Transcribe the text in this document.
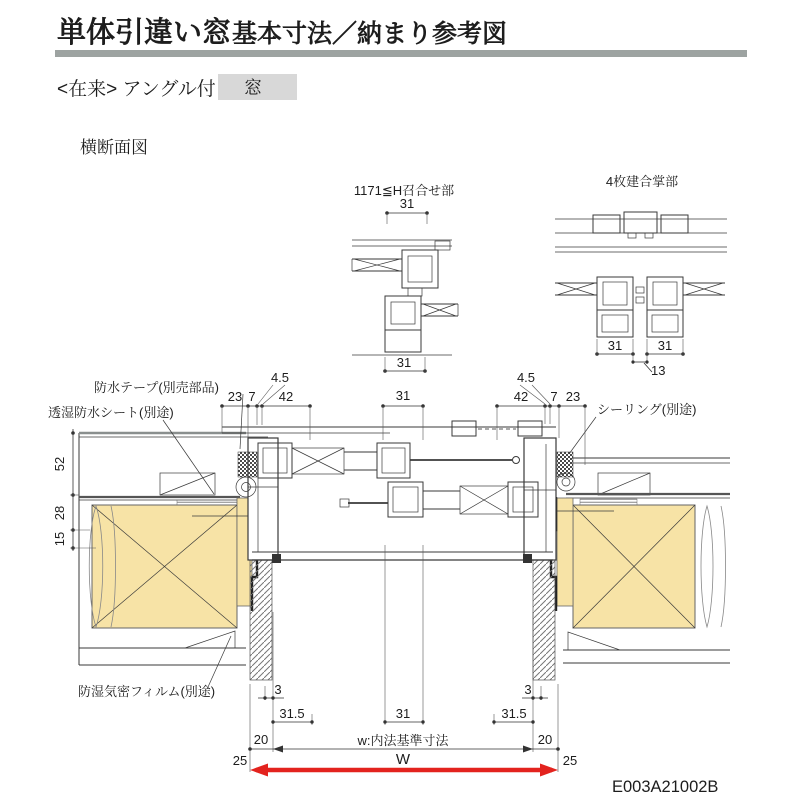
単体引違い窓 基本寸法／納まり参考図
<在来> アングル付 窓
横断面図
1171≦H召合せ部
31
31
4枚建合掌部
31	31
13
防水テープ(別売部品)
透湿防水シート(別途)	シーリング(別途)
防湿気密フィルム(別途)
4.5
23 7 42	31
4.5
42 7 23
52
28
15
3	3
31.5	31	31.5
20	w:内法基準寸法	20
25	W	25
E003A21002B
